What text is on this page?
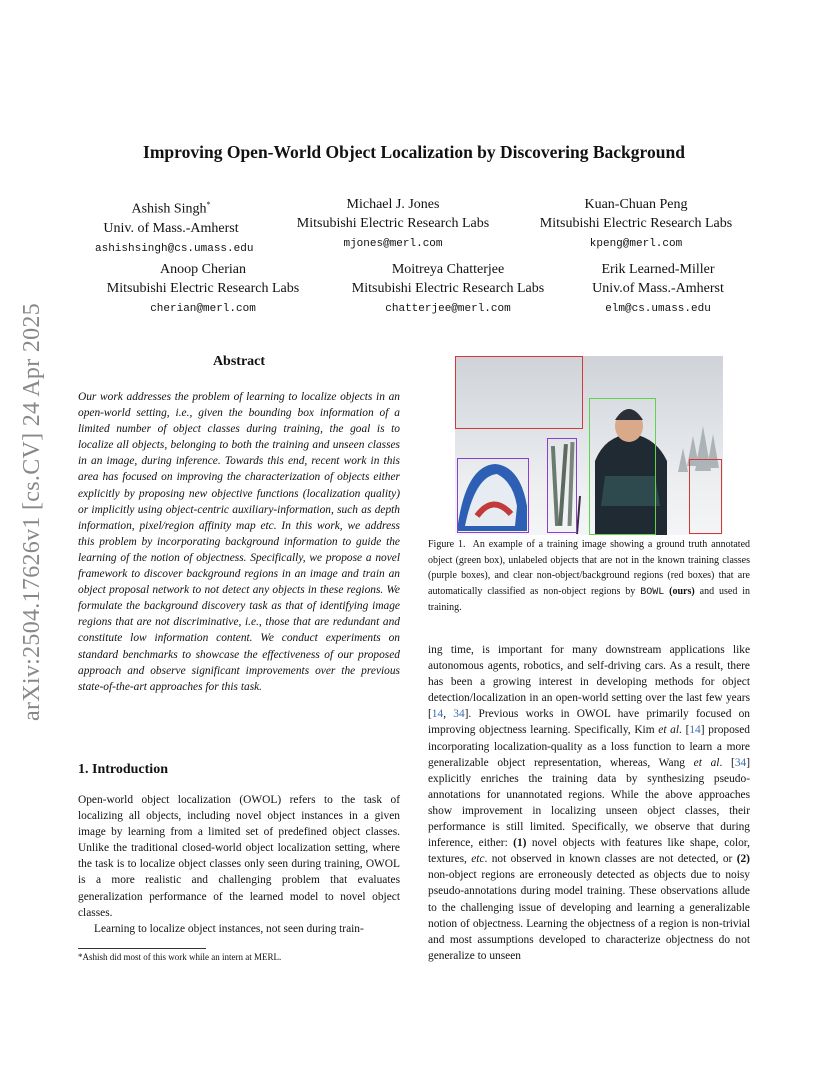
arXiv:2504.17626v1 [cs.CV] 24 Apr 2025
Improving Open-World Object Localization by Discovering Background
Ashish Singh*
Univ. of Mass.-Amherst
ashishsingh@cs.umass.edu
Michael J. Jones
Mitsubishi Electric Research Labs
mjones@merl.com
Kuan-Chuan Peng
Mitsubishi Electric Research Labs
kpeng@merl.com
Anoop Cherian
Mitsubishi Electric Research Labs
cherian@merl.com
Moitreya Chatterjee
Mitsubishi Electric Research Labs
chatterjee@merl.com
Erik Learned-Miller
Univ.of Mass.-Amherst
elm@cs.umass.edu
Abstract
Our work addresses the problem of learning to localize objects in an open-world setting, i.e., given the bounding box information of a limited number of object classes during training, the goal is to localize all objects, belonging to both the training and unseen classes in an image, during inference. Towards this end, recent work in this area has focused on improving the characterization of objects either explicitly by proposing new objective functions (localization quality) or implicitly using object-centric auxiliary-information, such as depth information, pixel/region affinity map etc. In this work, we address this problem by incorporating background information to guide the learning of the notion of objectness. Specifically, we propose a novel framework to discover background regions in an image and train an object proposal network to not detect any objects in these regions. We formulate the background discovery task as that of identifying image regions that are not discriminative, i.e., those that are redundant and constitute low information content. We conduct experiments on standard benchmarks to showcase the effectiveness of our proposed approach and observe significant improvements over the previous state-of-the-art approaches for this task.
1. Introduction

Open-world object localization (OWOL) refers to the task of localizing all objects, including novel object instances in a given image by learning from a limited set of predefined object classes. Unlike the traditional closed-world object localization setting, where the task is to localize object classes only seen during training, OWOL is a more realistic and challenging problem that evaluates generalization performance of the learned model to novel object classes.

Learning to localize object instances, not seen during train-

*Ashish did most of this work while an intern at MERL.
Figure 1. An example of a training image showing a ground truth annotated object (green box), unlabeled objects that are not in the known training classes (purple boxes), and clear non-object/background regions (red boxes) that are automatically classified as non-object regions by BOWL (ours) and used in training.

ing time, is important for many downstream applications like autonomous agents, robotics, and self-driving cars. As a result, there has been a growing interest in developing methods for object detection/localization in an open-world setting over the last few years [14, 34]. Previous works in OWOL have primarily focused on improving objectness learning. Specifically, Kim et al. [14] proposed incorporating localization-quality as a loss function to learn a more generalizable object representation, whereas, Wang et al. [34] explicitly enriches the training data by synthesizing pseudo-annotations for unannotated regions. While the above approaches show improvement in localizing unseen object classes, their performance is still limited. Specifically, we observe that during inference, either: (1) novel objects with features like shape, color, textures, etc. not observed in known classes are not detected, or (2) non-object regions are erroneously detected as objects due to noisy pseudo-annotations during model training. These observations allude to the challenging issue of developing and learning a generalizable notion of objectness. Learning the objectness of a region is non-trivial and most assumptions developed to characterize objectness do not generalize to unseen
